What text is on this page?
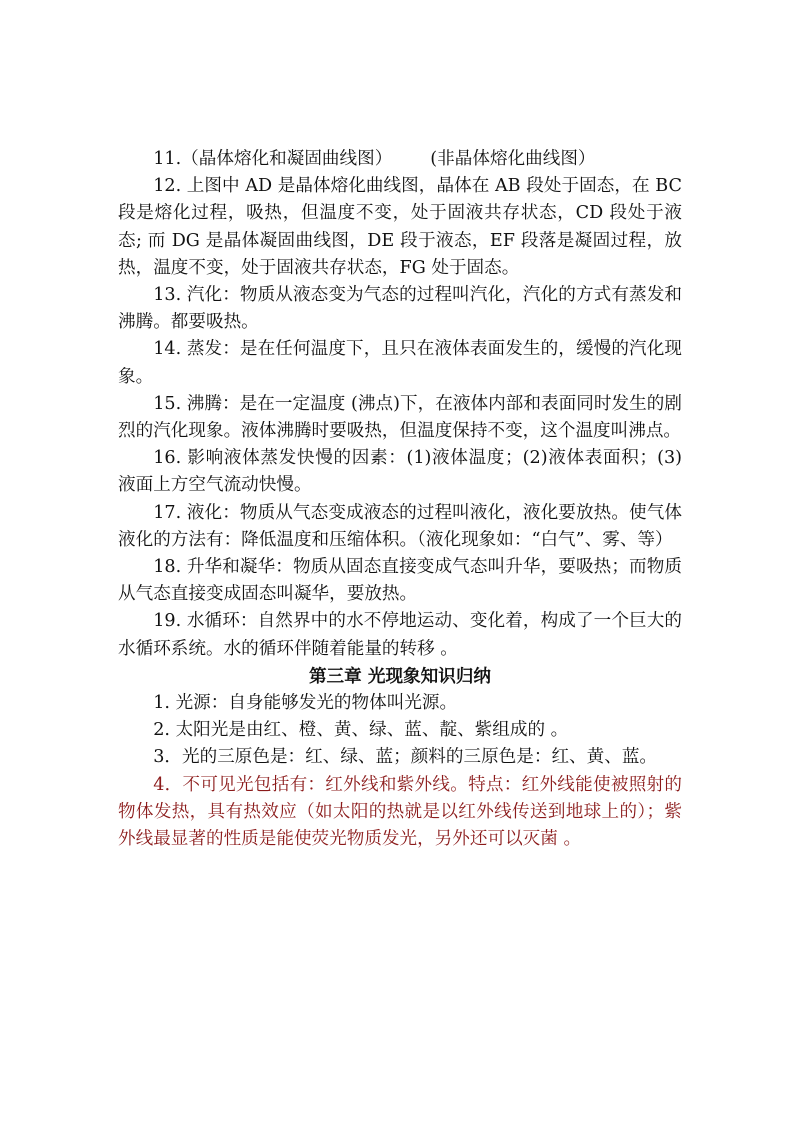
11.（晶体熔化和凝固曲线图） (非晶体熔化曲线图）

12. 上图中 AD 是晶体熔化曲线图，晶体在 AB 段处于固态，在 BC 段是熔化过程，吸热，但温度不变，处于固液共存状态，CD 段处于液态; 而 DG 是晶体凝固曲线图，DE 段于液态，EF 段落是凝固过程，放热，温度不变，处于固液共存状态，FG 处于固态。

13. 汽化：物质从液态变为气态的过程叫汽化，汽化的方式有蒸发和沸腾。都要吸热。

14. 蒸发：是在任何温度下，且只在液体表面发生的，缓慢的汽化现象。

15. 沸腾：是在一定温度 (沸点)下，在液体内部和表面同时发生的剧烈的汽化现象。液体沸腾时要吸热，但温度保持不变，这个温度叫沸点。

16. 影响液体蒸发快慢的因素：(1)液体温度；(2)液体表面积；(3)液面上方空气流动快慢。

17. 液化：物质从气态变成液态的过程叫液化，液化要放热。使气体液化的方法有：降低温度和压缩体积。（液化现象如：“白气”、雾、等）

18. 升华和凝华：物质从固态直接变成气态叫升华，要吸热；而物质从气态直接变成固态叫凝华，要放热。

19. 水循环：自然界中的水不停地运动、变化着，构成了一个巨大的水循环系统。水的循环伴随着能量的转移 。

第三章 光现象知识归纳

1. 光源：自身能够发光的物体叫光源。

2. 太阳光是由红、橙、黄、绿、蓝、靛、紫组成的 。

3．光的三原色是：红、绿、蓝；颜料的三原色是：红、黄、蓝。

4．不可见光包括有：红外线和紫外线。特点：红外线能使被照射的物体发热，具有热效应（如太阳的热就是以红外线传送到地球上的）；紫外线最显著的性质是能使荧光物质发光，另外还可以灭菌 。
